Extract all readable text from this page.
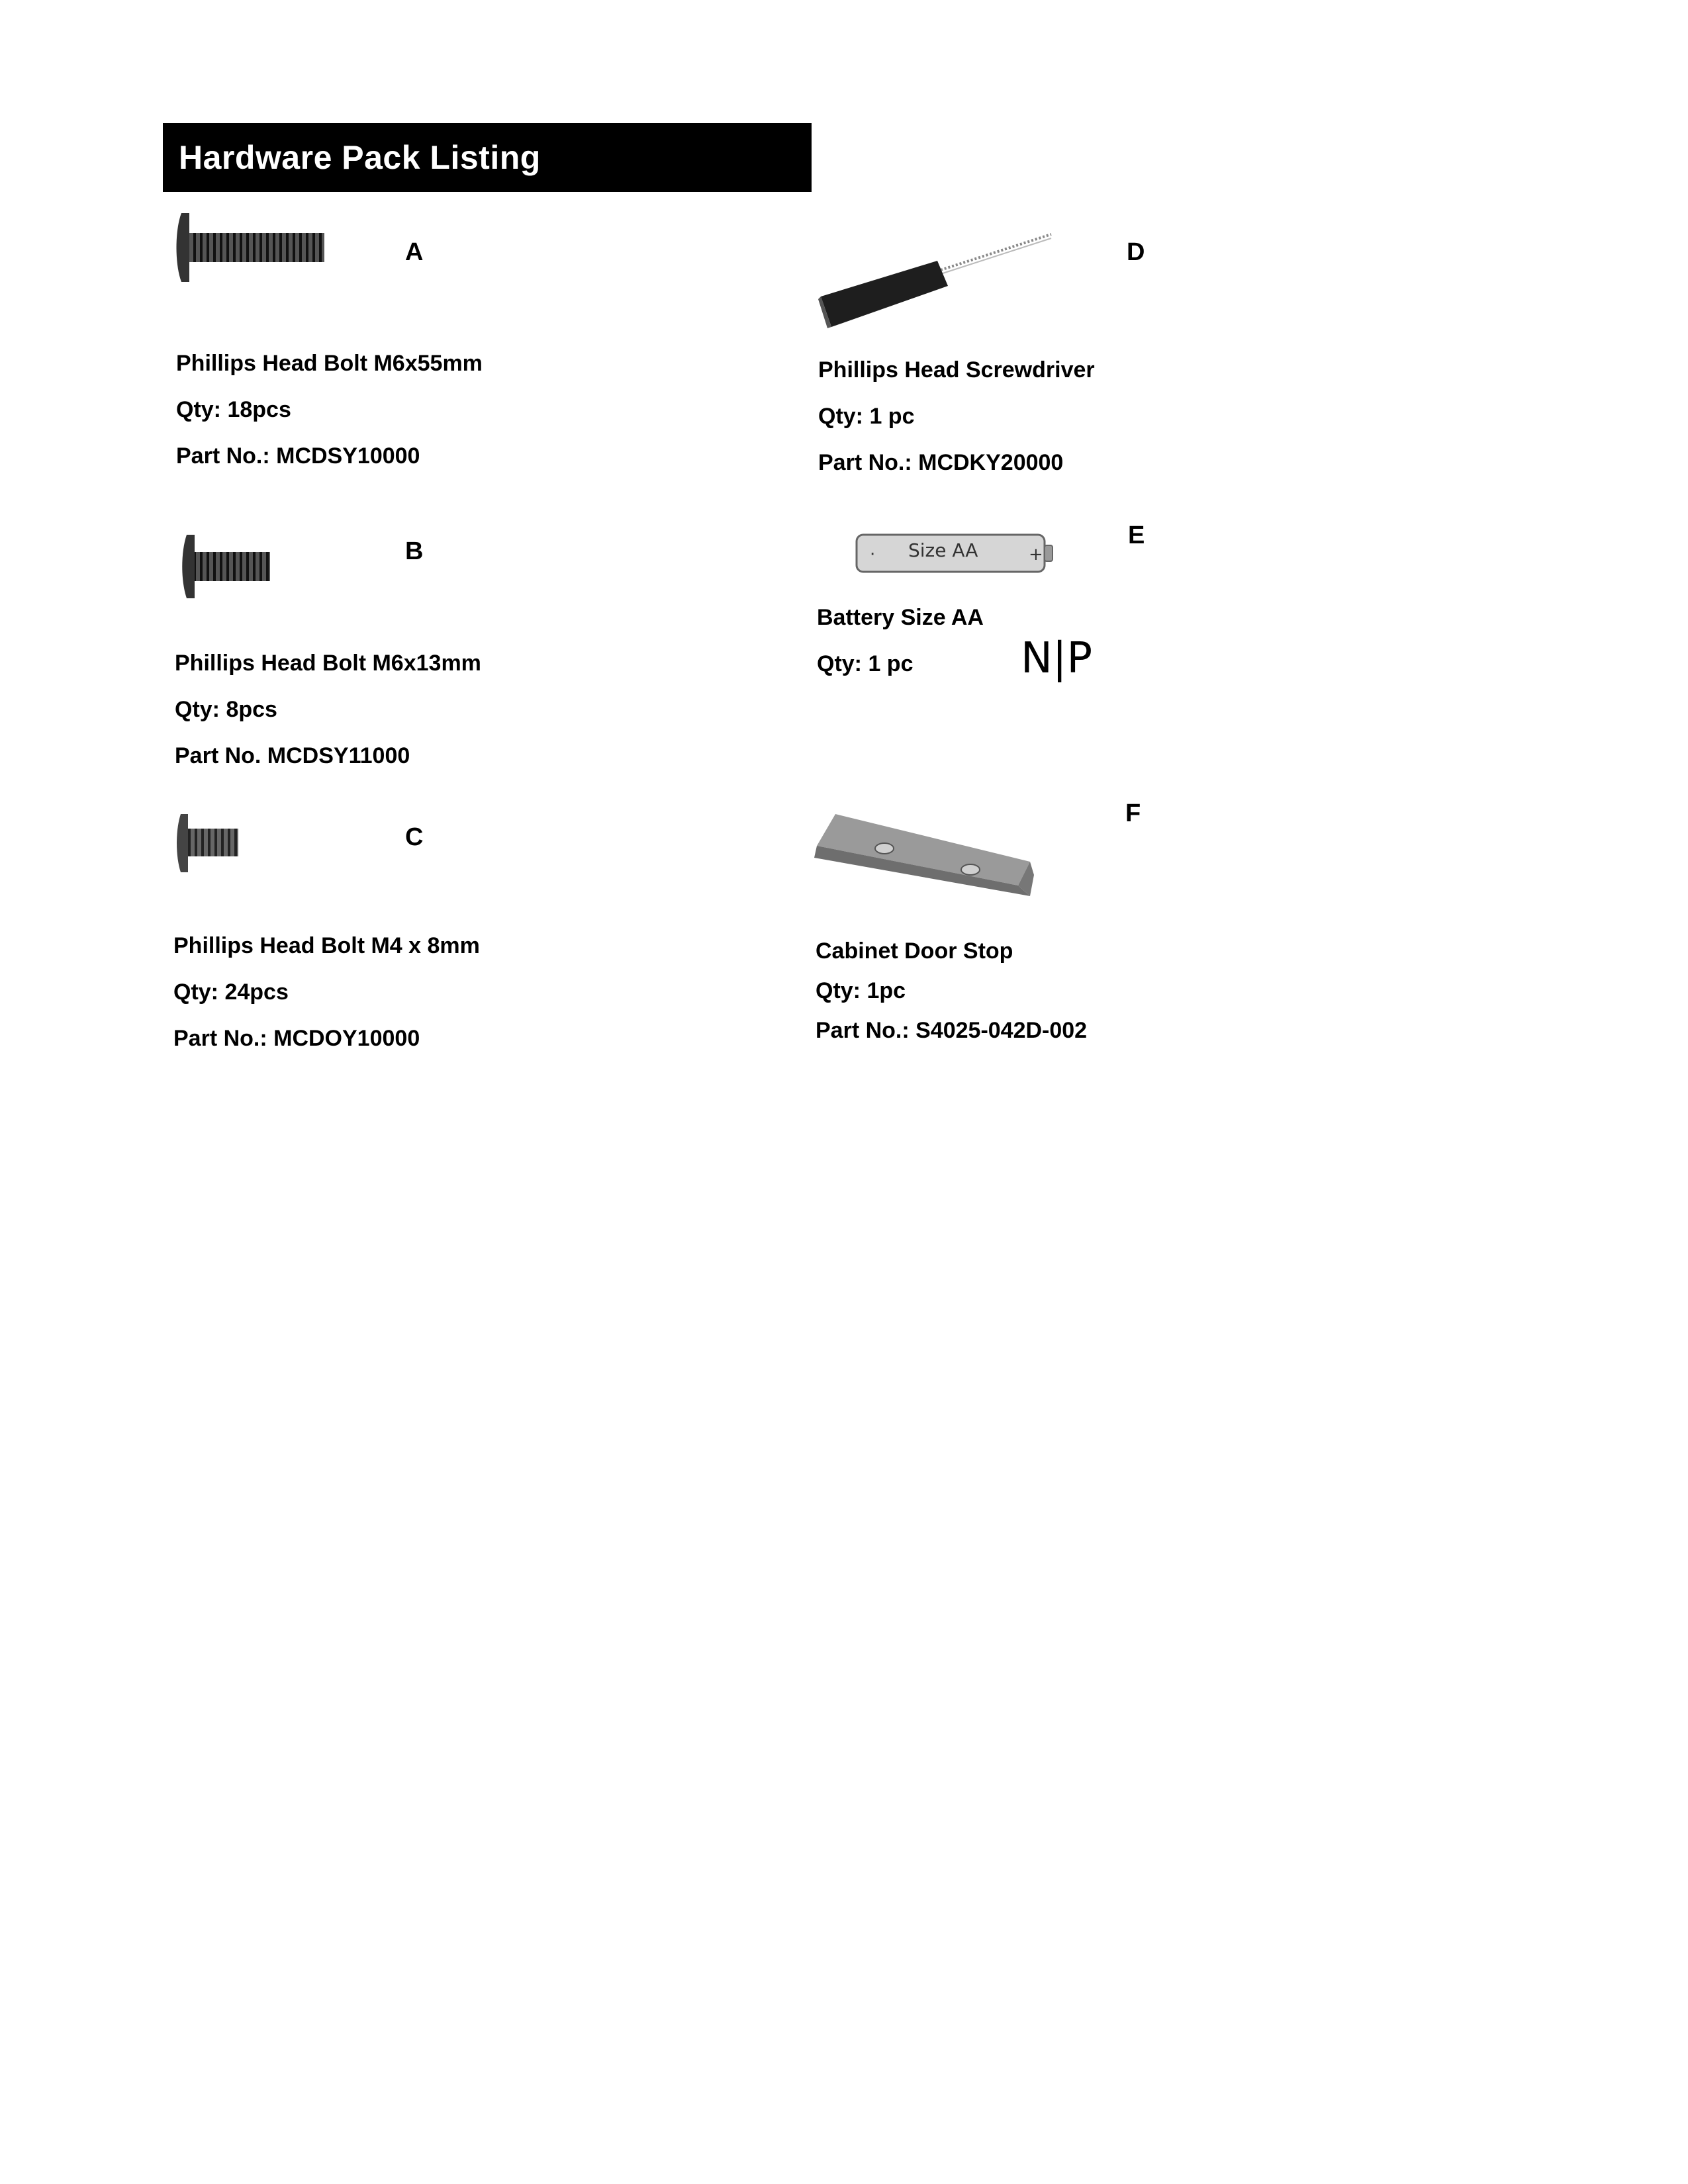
Hardware Pack Listing
A
Phillips Head Bolt M6x55mm
Qty: 18pcs
Part No.: MCDSY10000
B
Phillips Head Bolt M6x13mm
Qty: 8pcs
Part No. MCDSY11000
C
Phillips Head Bolt M4 x 8mm
Qty: 24pcs
Part No.: MCDOY10000
D
Phillips Head Screwdriver
Qty: 1 pc
Part No.: MCDKY20000
·	+
Size AA
E
Battery Size AA
Qty: 1 pc	N|P
F
Cabinet Door Stop
Qty: 1pc
Part No.: S4025-042D-002
